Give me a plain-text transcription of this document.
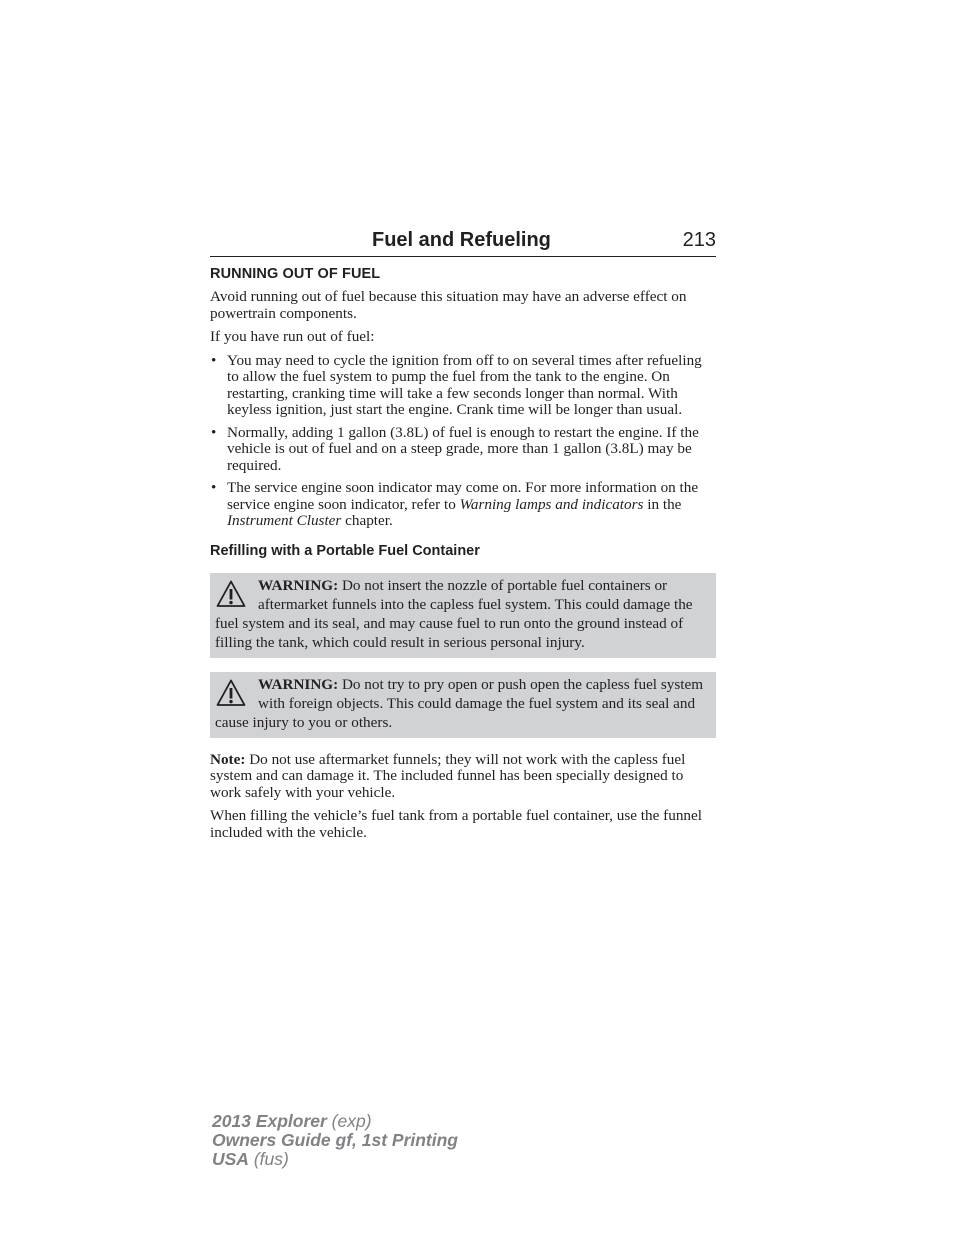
Fuel and Refueling	213
RUNNING OUT OF FUEL

Avoid running out of fuel because this situation may have an adverse effect on powertrain components.

If you have run out of fuel:

• You may need to cycle the ignition from off to on several times after refueling to allow the fuel system to pump the fuel from the tank to the engine. On restarting, cranking time will take a few seconds longer than normal. With keyless ignition, just start the engine. Crank time will be longer than usual.
• Normally, adding 1 gallon (3.8L) of fuel is enough to restart the engine. If the vehicle is out of fuel and on a steep grade, more than 1 gallon (3.8L) may be required.
• The service engine soon indicator may come on. For more information on the service engine soon indicator, refer to Warning lamps and indicators in the Instrument Cluster chapter.
Refilling with a Portable Fuel Container
WARNING: Do not insert the nozzle of portable fuel containers or aftermarket funnels into the capless fuel system. This could damage the fuel system and its seal, and may cause fuel to run onto the ground instead of filling the tank, which could result in serious personal injury.
WARNING: Do not try to pry open or push open the capless fuel system with foreign objects. This could damage the fuel system and its seal and cause injury to you or others.

Note: Do not use aftermarket funnels; they will not work with the capless fuel system and can damage it. The included funnel has been specially designed to work safely with your vehicle.

When filling the vehicle’s fuel tank from a portable fuel container, use the funnel included with the vehicle.

2013 Explorer (exp)
Owners Guide gf, 1st Printing
USA (fus)
